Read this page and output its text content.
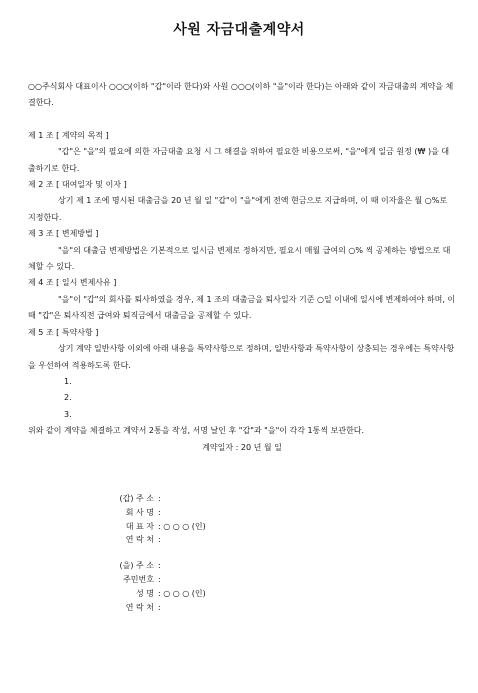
사원 자금대출계약서

○○주식회사 대표이사 ○○○(이하 "갑"이라 한다)와 사원 ○○○(이하 "을"이라 한다)는 아래와 같이 자금대출의 계약을 체결한다.

제 1 조 [ 계약의 목적 ]

"갑"은 "을"의 필요에 의한 자금대출 요청 시 그 해결을 위하여 필요한 비용으로써, "을"에게 일금 원정 (₩ )을 대출하기로 한다.

제 2 조 [ 대여일자 및 이자 ]

상기 제 1 조에 명시된 대출금을 20 년 월 일 "갑"이 "을"에게 전액 현금으로 지급하며, 이 때 이자율은 월 ○%로 지정한다.

제 3 조 [ 변제방법 ]

"을"의 대출금 변제방법은 기본적으로 일시금 변제로 정하지만, 필요시 매월 급여의 ○% 씩 공제하는 방법으로 대체할 수 있다.

제 4 조 [ 일시 변제사유 ]

"을"이 "갑"의 회사를 퇴사하였을 경우, 제 1 조의 대출금을 퇴사일자 기준 ○일 이내에 일시에 변제하여야 하며, 이 때 "갑"은 퇴사직전 급여와 퇴직금에서 대출금을 공제할 수 있다.

제 5 조 [ 특약사항 ]

상기 계약 일반사항 이외에 아래 내용을 특약사항으로 정하며, 일반사항과 특약사항이 상충되는 경우에는 특약사항을 우선하여 적용하도록 한다.

1.

2.

3.

위와 같이 계약을 체결하고 계약서 2통을 작성, 서명 날인 후 "갑"과 "을"이 각각 1통씩 보관한다.

계약일자 : 20 년 월 일

(갑) 주 소 :
회 사 명 :
대 표 자 : ○ ○ ○ (인)
연 락 처 :
(을) 주 소 :
주민번호 :
성 명 : ○ ○ ○ (인)
연 락 처 :
